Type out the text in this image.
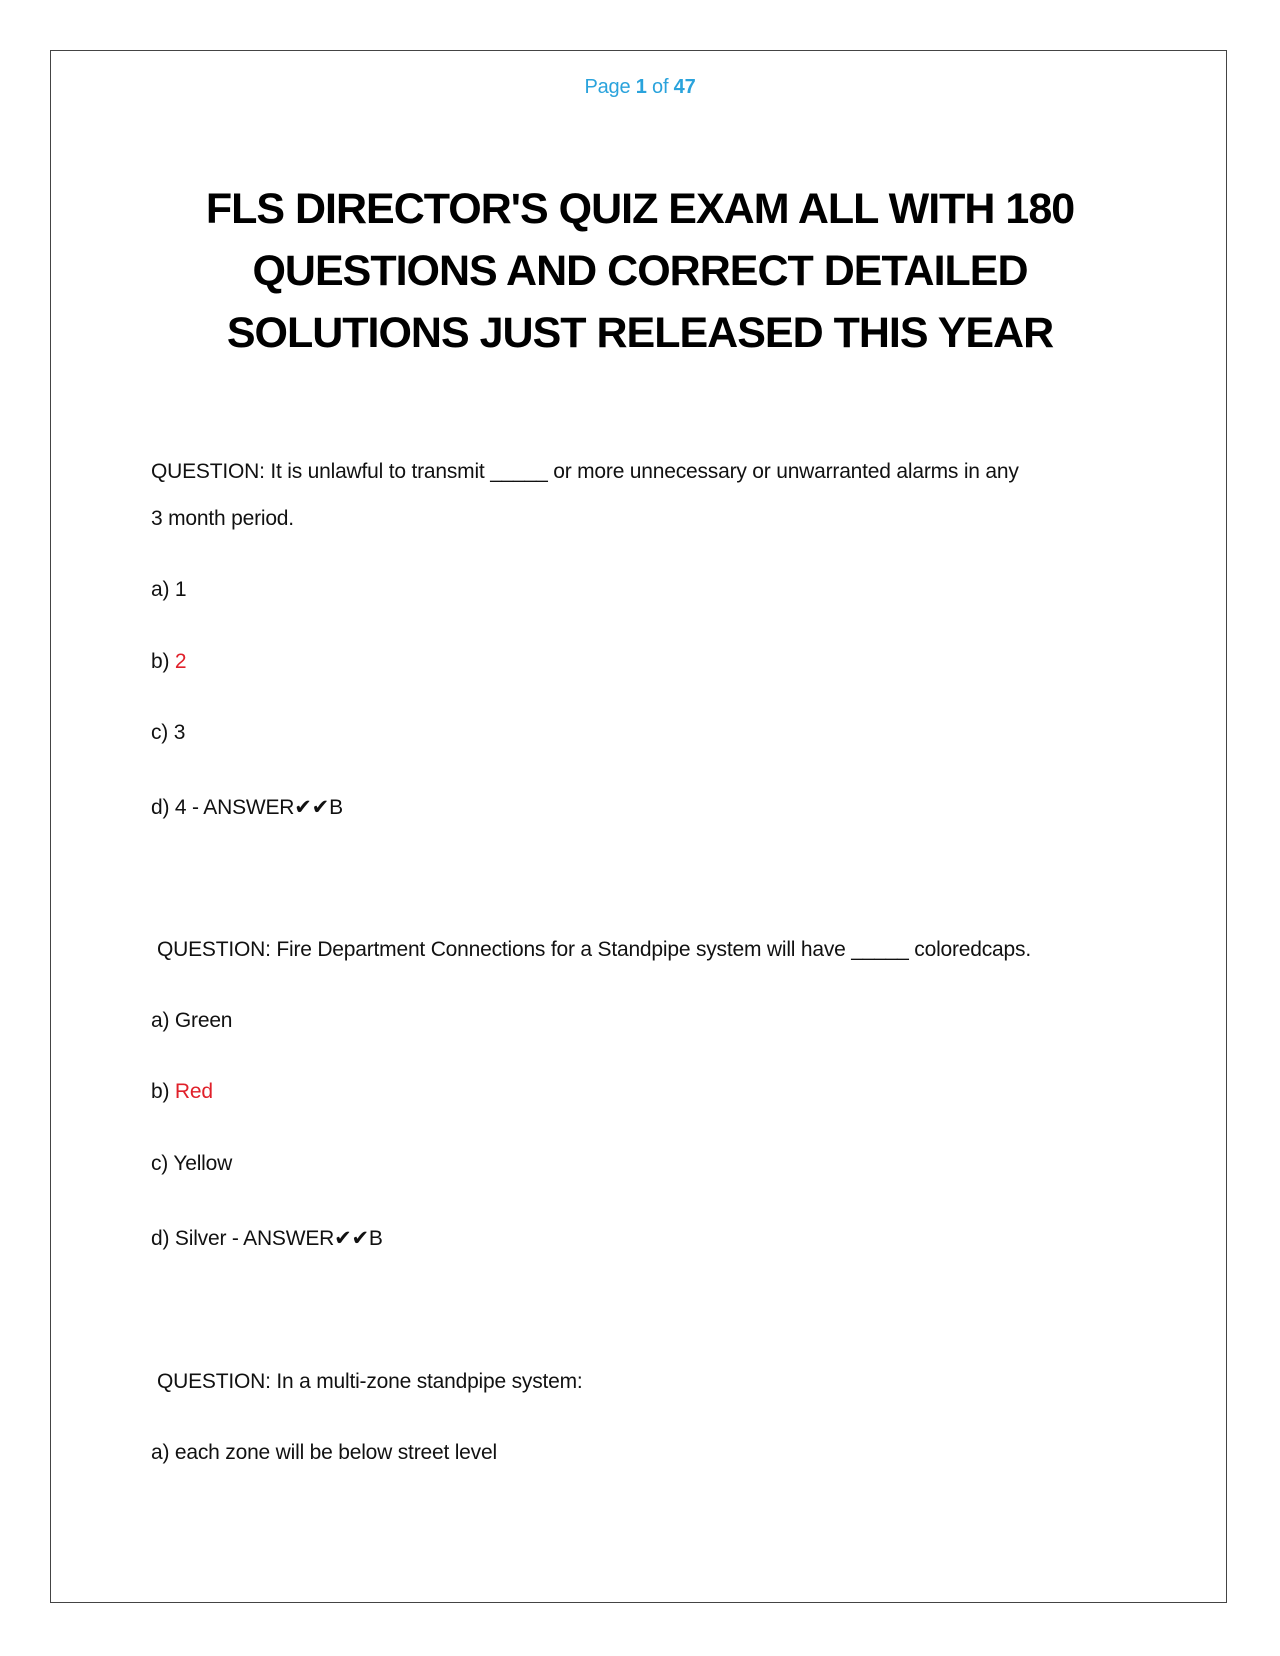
Page 1 of 47
FLS DIRECTOR'S QUIZ EXAM ALL WITH 180
QUESTIONS AND CORRECT DETAILED
SOLUTIONS JUST RELEASED THIS YEAR
QUESTION: It is unlawful to transmit _____ or more unnecessary or unwarranted alarms in any
3 month period.
a) 1
b) 2
c) 3
d) 4 - ANSWER✔✔B
QUESTION: Fire Department Connections for a Standpipe system will have _____ coloredcaps.
a) Green
b) Red
c) Yellow
d) Silver - ANSWER✔✔B
QUESTION: In a multi-zone standpipe system:
a) each zone will be below street level
